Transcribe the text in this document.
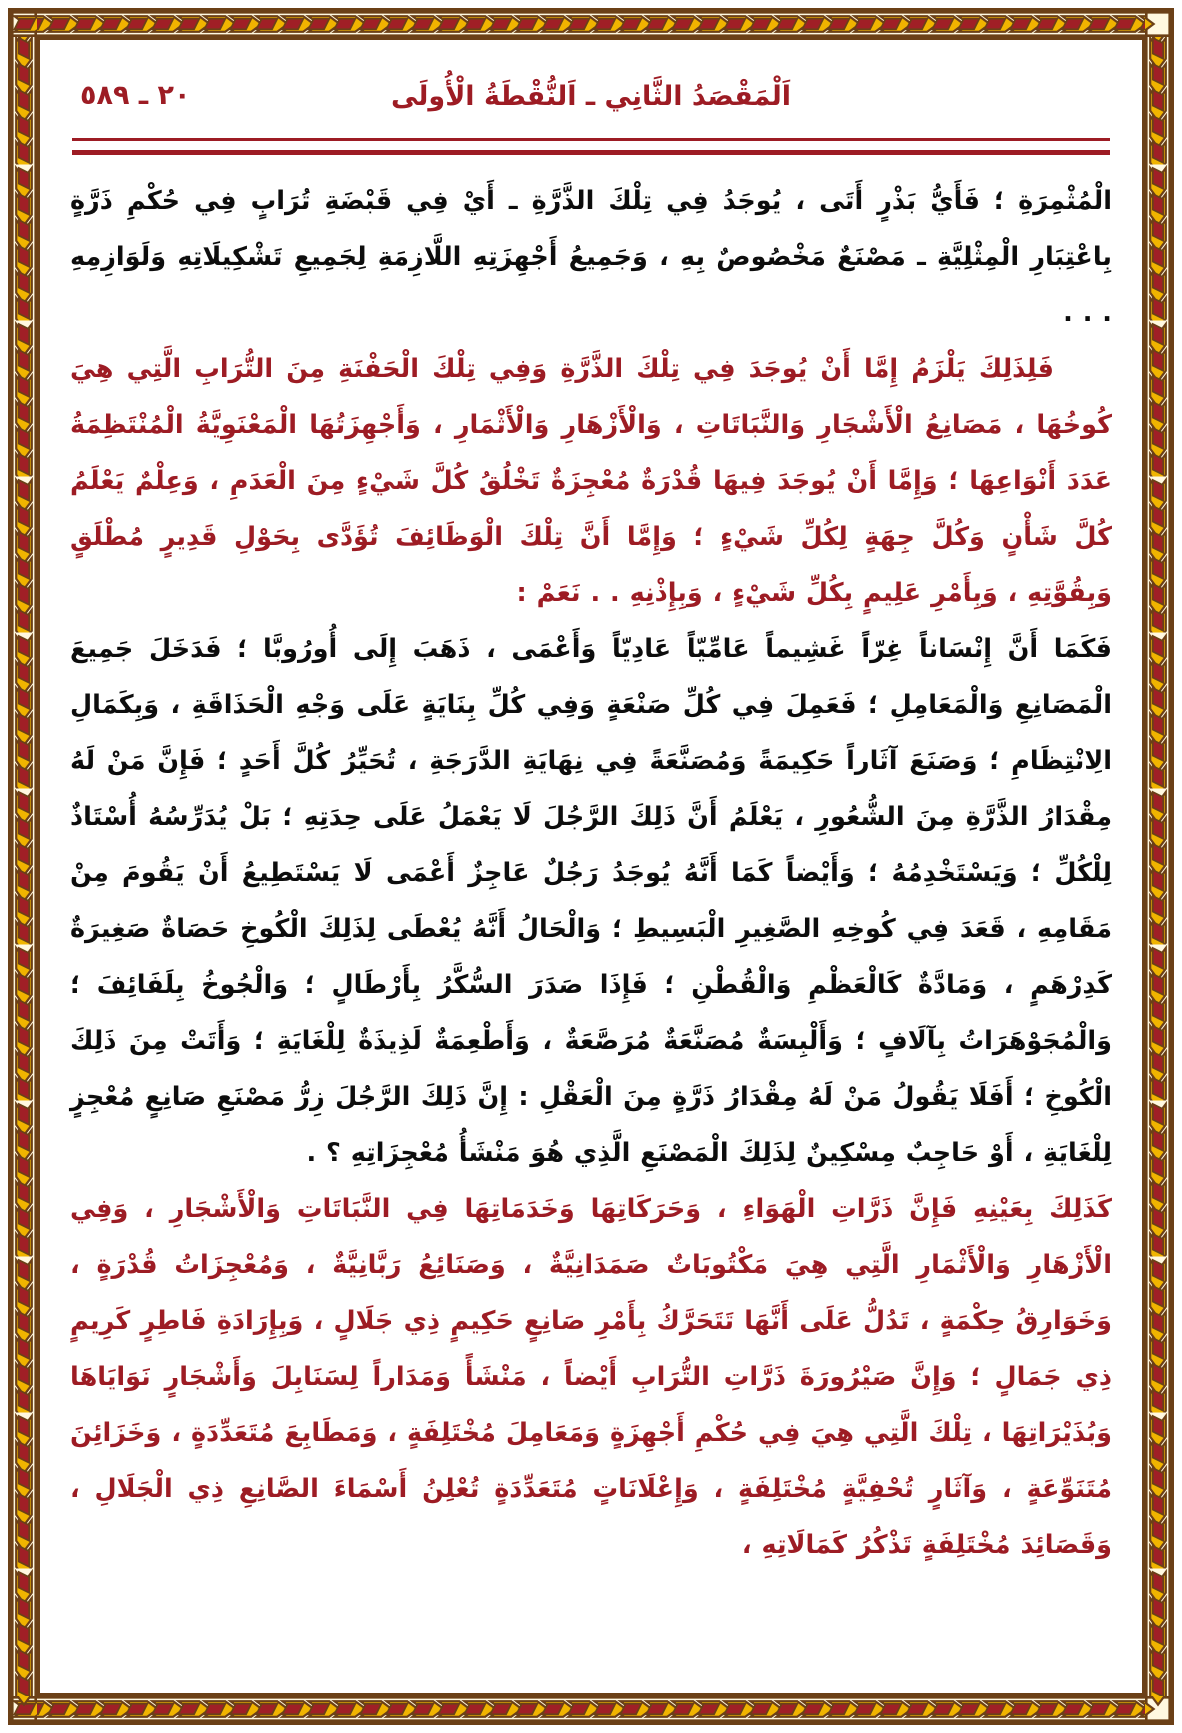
٢٠ ـ ٥٨٩	اَلْمَقْصَدُ الثَّانِي ـ اَلنُّقْطَةُ الْأُولَى

الْمُثْمِرَةِ ؛ فَأَيُّ بَذْرٍ أَتَى ، يُوجَدُ فِي تِلْكَ الذَّرَّةِ ـ أَيْ فِي قَبْضَةِ تُرَابٍ فِي حُكْمِ ذَرَّةٍ بِاعْتِبَارِ الْمِثْلِيَّةِ ـ مَصْنَعٌ مَخْصُوصٌ بِهِ ، وَجَمِيعُ أَجْهِزَتِهِ اللَّازِمَةِ لِجَمِيعِ تَشْكِيلَاتِهِ وَلَوَازِمِهِ . . .

فَلِذَلِكَ يَلْزَمُ إِمَّا أَنْ يُوجَدَ فِي تِلْكَ الذَّرَّةِ وَفِي تِلْكَ الْحَفْنَةِ مِنَ التُّرَابِ الَّتِي هِيَ كُوخُهَا ، مَصَانِعُ الْأَشْجَارِ وَالنَّبَاتَاتِ ، وَالْأَزْهَارِ وَالْأَثْمَارِ ، وَأَجْهِزَتُهَا الْمَعْنَوِيَّةُ الْمُنْتَظِمَةُ عَدَدَ أَنْوَاعِهَا ؛ وَإِمَّا أَنْ يُوجَدَ فِيهَا قُدْرَةٌ مُعْجِزَةٌ تَخْلُقُ كُلَّ شَيْءٍ مِنَ الْعَدَمِ ، وَعِلْمٌ يَعْلَمُ كُلَّ شَأْنٍ وَكُلَّ جِهَةٍ لِكُلِّ شَيْءٍ ؛ وَإِمَّا أَنَّ تِلْكَ الْوَظَائِفَ تُؤَدَّى بِحَوْلِ قَدِيرٍ مُطْلَقٍ وَبِقُوَّتِهِ ، وَبِأَمْرِ عَلِيمٍ بِكُلِّ شَيْءٍ ، وَبِإِذْنِهِ . . نَعَمْ :

فَكَمَا أَنَّ إِنْسَاناً غِرّاً غَشِيماً عَامِّيّاً عَادِيّاً وَأَعْمَى ، ذَهَبَ إِلَى أُورُوبَّا ؛ فَدَخَلَ جَمِيعَ الْمَصَانِعِ وَالْمَعَامِلِ ؛ فَعَمِلَ فِي كُلِّ صَنْعَةٍ وَفِي كُلِّ بِنَايَةٍ عَلَى وَجْهِ الْحَذَاقَةِ ، وَبِكَمَالِ الِانْتِظَامِ ؛ وَصَنَعَ آثَاراً حَكِيمَةً وَمُصَنَّعَةً فِي نِهَايَةِ الدَّرَجَةِ ، تُحَيِّرُ كُلَّ أَحَدٍ ؛ فَإِنَّ مَنْ لَهُ مِقْدَارُ الذَّرَّةِ مِنَ الشُّعُورِ ، يَعْلَمُ أَنَّ ذَلِكَ الرَّجُلَ لَا يَعْمَلُ عَلَى حِدَتِهِ ؛ بَلْ يُدَرِّسُهُ أُسْتَاذٌ لِلْكُلِّ ؛ وَيَسْتَخْدِمُهُ ؛ وَأَيْضاً كَمَا أَنَّهُ يُوجَدُ رَجُلٌ عَاجِزٌ أَعْمَى لَا يَسْتَطِيعُ أَنْ يَقُومَ مِنْ مَقَامِهِ ، قَعَدَ فِي كُوخِهِ الصَّغِيرِ الْبَسِيطِ ؛ وَالْحَالُ أَنَّهُ يُعْطَى لِذَلِكَ الْكُوخِ حَصَاةٌ صَغِيرَةٌ كَدِرْهَمٍ ، وَمَادَّةٌ كَالْعَظْمِ وَالْقُطْنِ ؛ فَإِذَا صَدَرَ السُّكَّرُ بِأَرْطَالٍ ؛ وَالْجُوخُ بِلَفَائِفَ ؛ وَالْمُجَوْهَرَاتُ بِآلَافٍ ؛ وَأَلْبِسَةٌ مُصَنَّعَةٌ مُرَصَّعَةٌ ، وَأَطْعِمَةٌ لَذِيذَةٌ لِلْغَايَةِ ؛ وَأَتَتْ مِنَ ذَلِكَ الْكُوخِ ؛ أَفَلَا يَقُولُ مَنْ لَهُ مِقْدَارُ ذَرَّةٍ مِنَ الْعَقْلِ : إِنَّ ذَلِكَ الرَّجُلَ زِرُّ مَصْنَعِ صَانِعٍ مُعْجِزٍ لِلْغَايَةِ ، أَوْ حَاجِبٌ مِسْكِينٌ لِذَلِكَ الْمَصْنَعِ الَّذِي هُوَ مَنْشَأُ مُعْجِزَاتِهِ ؟ .

كَذَلِكَ بِعَيْنِهِ فَإِنَّ ذَرَّاتِ الْهَوَاءِ ، وَحَرَكَاتِهَا وَخَدَمَاتِهَا فِي النَّبَاتَاتِ وَالْأَشْجَارِ ، وَفِي الْأَزْهَارِ وَالْأَثْمَارِ الَّتِي هِيَ مَكْتُوبَاتٌ صَمَدَانِيَّةٌ ، وَصَنَائِعُ رَبَّانِيَّةٌ ، وَمُعْجِزَاتُ قُدْرَةٍ ، وَخَوَارِقُ حِكْمَةٍ ، تَدُلُّ عَلَى أَنَّهَا تَتَحَرَّكُ بِأَمْرِ صَانِعٍ حَكِيمٍ ذِي جَلَالٍ ، وَبِإِرَادَةِ فَاطِرٍ كَرِيمٍ ذِي جَمَالٍ ؛ وَإِنَّ صَيْرُورَةَ ذَرَّاتِ التُّرَابِ أَيْضاً ، مَنْشَأً وَمَدَاراً لِسَنَابِلَ وَأَشْجَارٍ نَوَايَاهَا وَبُذَيْرَاتِهَا ، تِلْكَ الَّتِي هِيَ فِي حُكْمِ أَجْهِزَةٍ وَمَعَامِلَ مُخْتَلِفَةٍ ، وَمَطَابِعَ مُتَعَدِّدَةٍ ، وَخَزَائِنَ مُتَنَوِّعَةٍ ، وَآثَارٍ تُحْفِيَّةٍ مُخْتَلِفَةٍ ، وَإِعْلَانَاتٍ مُتَعَدِّدَةٍ تُعْلِنُ أَسْمَاءَ الصَّانِعِ ذِي الْجَلَالِ ، وَقَصَائِدَ مُخْتَلِفَةٍ تَذْكُرُ كَمَالَاتِهِ ،
